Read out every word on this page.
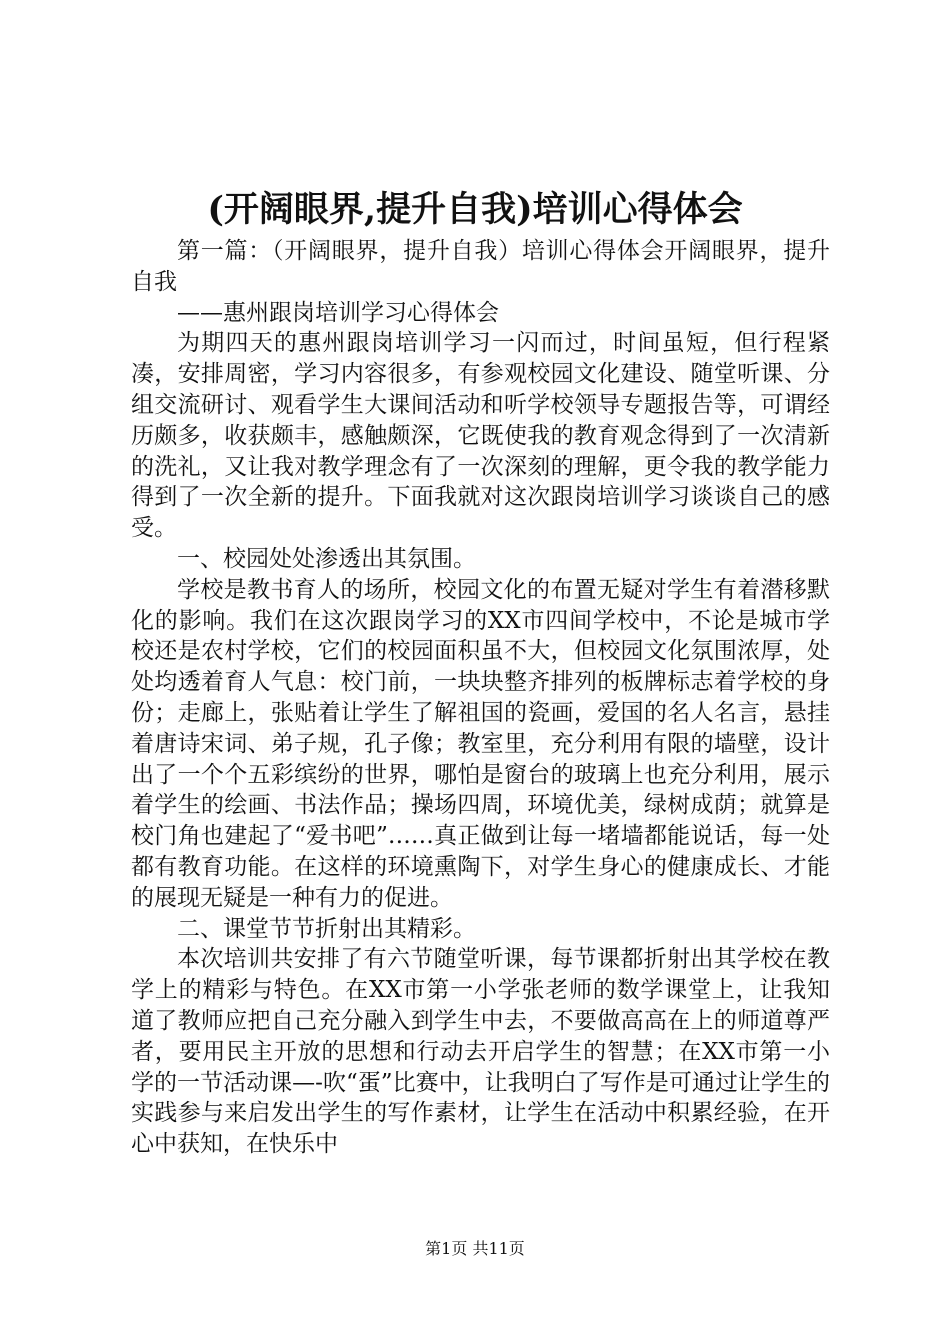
(开阔眼界,提升自我)培训心得体会

第一篇：（开阔眼界，提升自我）培训心得体会开阔眼界，提升自我

——惠州跟岗培训学习心得体会

为期四天的惠州跟岗培训学习一闪而过，时间虽短，但行程紧凑，安排周密，学习内容很多，有参观校园文化建设、随堂听课、分组交流研讨、观看学生大课间活动和听学校领导专题报告等，可谓经历颇多，收获颇丰，感触颇深，它既使我的教育观念得到了一次清新的洗礼，又让我对教学理念有了一次深刻的理解，更令我的教学能力得到了一次全新的提升。下面我就对这次跟岗培训学习谈谈自己的感受。

一、校园处处渗透出其氛围。

学校是教书育人的场所，校园文化的布置无疑对学生有着潜移默化的影响。我们在这次跟岗学习的XX市四间学校中，不论是城市学校还是农村学校，它们的校园面积虽不大，但校园文化氛围浓厚，处处均透着育人气息：校门前，一块块整齐排列的板牌标志着学校的身份；走廊上，张贴着让学生了解祖国的瓷画，爱国的名人名言，悬挂着唐诗宋词、弟子规，孔子像；教室里，充分利用有限的墙壁，设计出了一个个五彩缤纷的世界，哪怕是窗台的玻璃上也充分利用，展示着学生的绘画、书法作品；操场四周，环境优美，绿树成荫；就算是校门角也建起了“爱书吧”……真正做到让每一堵墙都能说话，每一处都有教育功能。在这样的环境熏陶下，对学生身心的健康成长、才能的展现无疑是一种有力的促进。

二、课堂节节折射出其精彩。

本次培训共安排了有六节随堂听课，每节课都折射出其学校在教学上的精彩与特色。在XX市第一小学张老师的数学课堂上，让我知道了教师应把自己充分融入到学生中去，不要做高高在上的师道尊严者，要用民主开放的思想和行动去开启学生的智慧；在XX市第一小学的一节活动课—-吹“蛋”比赛中，让我明白了写作是可通过让学生的实践参与来启发出学生的写作素材，让学生在活动中积累经验，在开心中获知，在快乐中

第1页 共11页
